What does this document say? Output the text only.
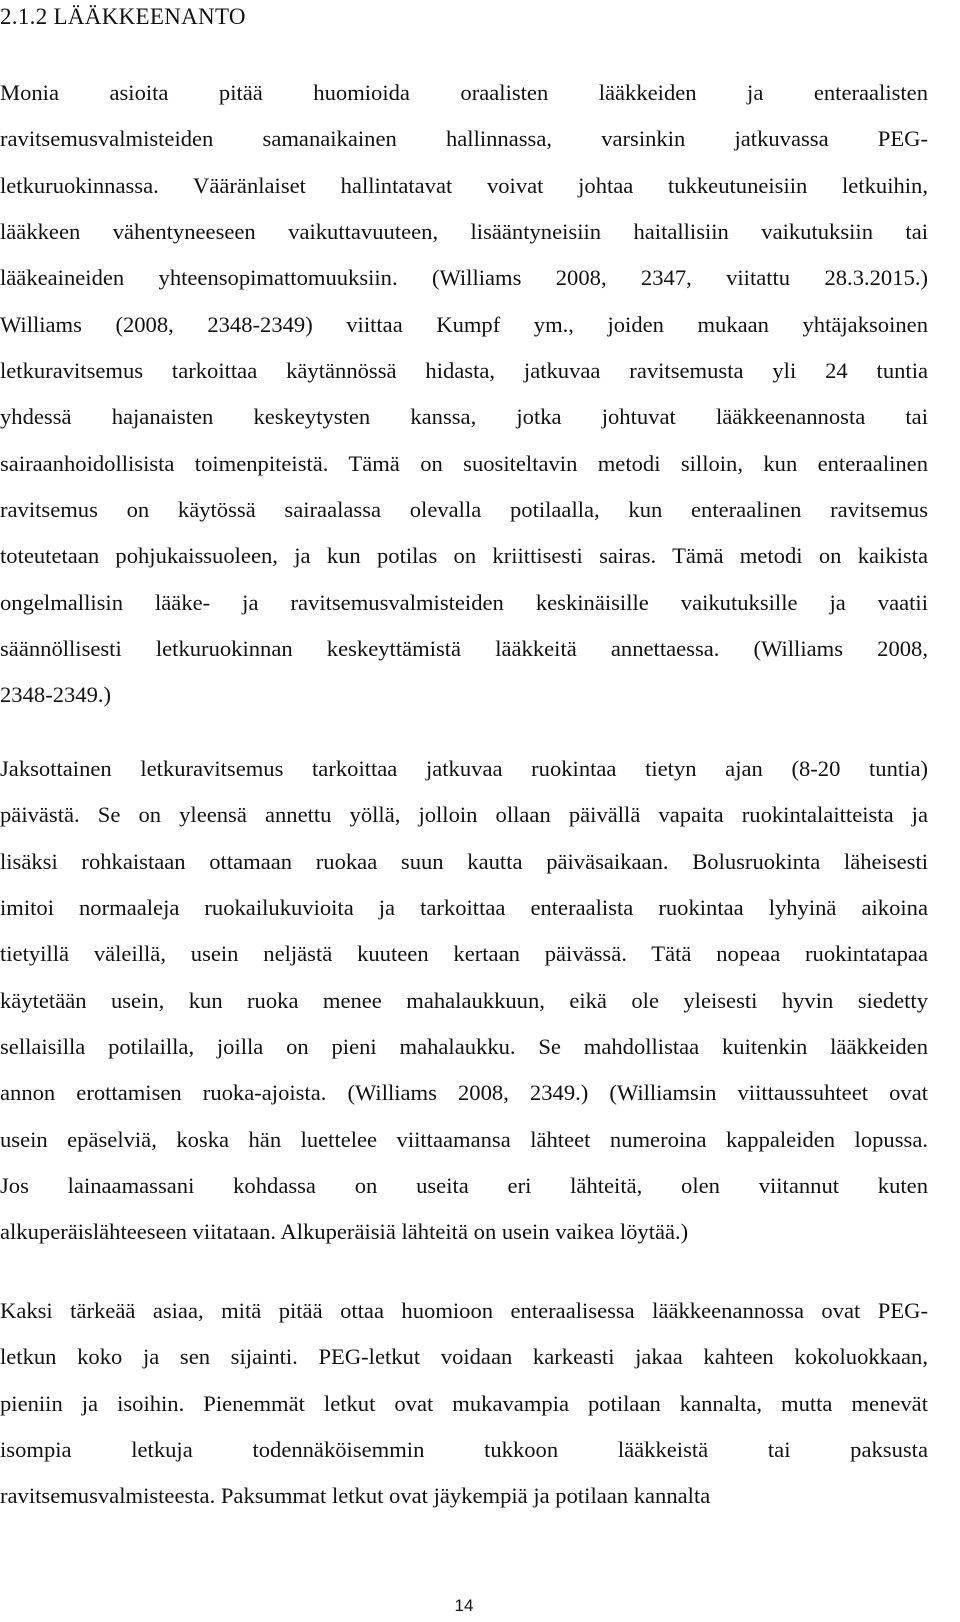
2.1.2 LÄÄKKEENANTO
Monia asioita pitää huomioida oraalisten lääkkeiden ja enteraalisten
ravitsemusvalmisteiden samanaikainen hallinnassa, varsinkin jatkuvassa PEG-
letkuruokinnassa. Vääränlaiset hallintatavat voivat johtaa tukkeutuneisiin letkuihin,
lääkkeen vähentyneeseen vaikuttavuuteen, lisääntyneisiin haitallisiin vaikutuksiin tai
lääkeaineiden yhteensopimattomuuksiin. (Williams 2008, 2347, viitattu 28.3.2015.)
Williams (2008, 2348-2349) viittaa Kumpf ym., joiden mukaan yhtäjaksoinen
letkuravitsemus tarkoittaa käytännössä hidasta, jatkuvaa ravitsemusta yli 24 tuntia
yhdessä hajanaisten keskeytysten kanssa, jotka johtuvat lääkkeenannosta tai
sairaanhoidollisista toimenpiteistä. Tämä on suositeltavin metodi silloin, kun enteraalinen
ravitsemus on käytössä sairaalassa olevalla potilaalla, kun enteraalinen ravitsemus
toteutetaan pohjukaissuoleen, ja kun potilas on kriittisesti sairas. Tämä metodi on kaikista
ongelmallisin lääke- ja ravitsemusvalmisteiden keskinäisille vaikutuksille ja vaatii
säännöllisesti letkuruokinnan keskeyttämistä lääkkeitä annettaessa. (Williams 2008,
2348-2349.)
Jaksottainen letkuravitsemus tarkoittaa jatkuvaa ruokintaa tietyn ajan (8-20 tuntia)
päivästä. Se on yleensä annettu yöllä, jolloin ollaan päivällä vapaita ruokintalaitteista ja
lisäksi rohkaistaan ottamaan ruokaa suun kautta päiväsaikaan. Bolusruokinta läheisesti
imitoi normaaleja ruokailukuvioita ja tarkoittaa enteraalista ruokintaa lyhyinä aikoina
tietyillä väleillä, usein neljästä kuuteen kertaan päivässä. Tätä nopeaa ruokintatapaa
käytetään usein, kun ruoka menee mahalaukkuun, eikä ole yleisesti hyvin siedetty
sellaisilla potilailla, joilla on pieni mahalaukku. Se mahdollistaa kuitenkin lääkkeiden
annon erottamisen ruoka-ajoista. (Williams 2008, 2349.) (Williamsin viittaussuhteet ovat
usein epäselviä, koska hän luettelee viittaamansa lähteet numeroina kappaleiden lopussa.
Jos lainaamassani kohdassa on useita eri lähteitä, olen viitannut kuten
alkuperäislähteeseen viitataan. Alkuperäisiä lähteitä on usein vaikea löytää.)
Kaksi tärkeää asiaa, mitä pitää ottaa huomioon enteraalisessa lääkkeenannossa ovat PEG-
letkun koko ja sen sijainti. PEG-letkut voidaan karkeasti jakaa kahteen kokoluokkaan,
pieniin ja isoihin. Pienemmät letkut ovat mukavampia potilaan kannalta, mutta menevät
isompia letkuja todennäköisemmin tukkoon lääkkeistä tai paksusta
ravitsemusvalmisteesta. Paksummat letkut ovat jäykempiä ja potilaan kannalta
14
